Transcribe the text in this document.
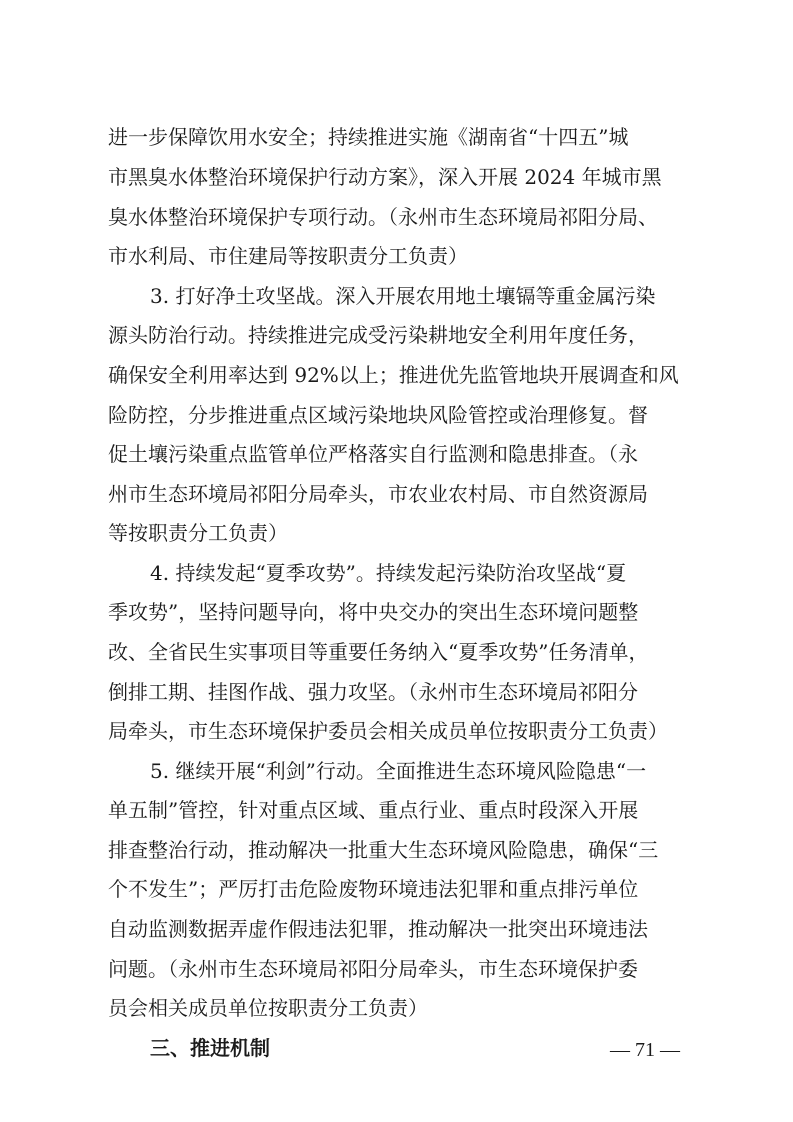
进一步保障饮用水安全；持续推进实施《湖南省“十四五”城
市黑臭水体整治环境保护行动方案》，深入开展 2024 年城市黑
臭水体整治环境保护专项行动。（永州市生态环境局祁阳分局、
市水利局、市住建局等按职责分工负责）
3. 打好净土攻坚战。深入开展农用地土壤镉等重金属污染
源头防治行动。持续推进完成受污染耕地安全利用年度任务，
确保安全利用率达到 92%以上；推进优先监管地块开展调查和风
险防控，分步推进重点区域污染地块风险管控或治理修复。督
促土壤污染重点监管单位严格落实自行监测和隐患排查。（永
州市生态环境局祁阳分局牵头，市农业农村局、市自然资源局
等按职责分工负责）
4. 持续发起“夏季攻势”。持续发起污染防治攻坚战“夏
季攻势”，坚持问题导向，将中央交办的突出生态环境问题整
改、全省民生实事项目等重要任务纳入“夏季攻势”任务清单，
倒排工期、挂图作战、强力攻坚。（永州市生态环境局祁阳分
局牵头，市生态环境保护委员会相关成员单位按职责分工负责）
5. 继续开展“利剑”行动。全面推进生态环境风险隐患“一
单五制”管控，针对重点区域、重点行业、重点时段深入开展
排查整治行动，推动解决一批重大生态环境风险隐患，确保“三
个不发生”；严厉打击危险废物环境违法犯罪和重点排污单位
自动监测数据弄虚作假违法犯罪，推动解决一批突出环境违法
问题。（永州市生态环境局祁阳分局牵头，市生态环境保护委
员会相关成员单位按职责分工负责）
三、推进机制	— 71 —
